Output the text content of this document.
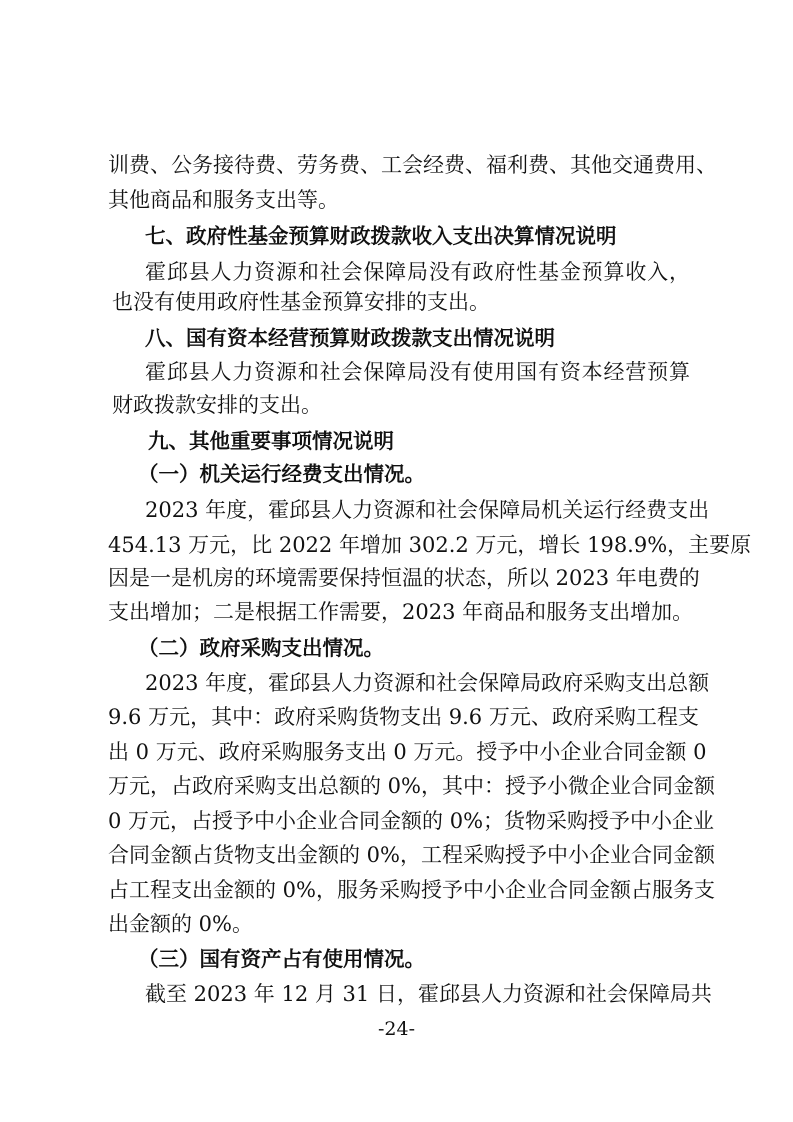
训费、公务接待费、劳务费、工会经费、福利费、其他交通费用、
其他商品和服务支出等。
七、政府性基金预算财政拨款收入支出决算情况说明
霍邱县人力资源和社会保障局没有政府性基金预算收入，
也没有使用政府性基金预算安排的支出。
八、国有资本经营预算财政拨款支出情况说明
霍邱县人力资源和社会保障局没有使用国有资本经营预算
财政拨款安排的支出。
九、其他重要事项情况说明
（一）机关运行经费支出情况。
2023 年度，霍邱县人力资源和社会保障局机关运行经费支出
454.13 万元，比 2022 年增加 302.2 万元，增长 198.9%，主要原
因是一是机房的环境需要保持恒温的状态，所以 2023 年电费的
支出增加；二是根据工作需要，2023 年商品和服务支出增加。
（二）政府采购支出情况。
2023 年度，霍邱县人力资源和社会保障局政府采购支出总额
9.6 万元，其中：政府采购货物支出 9.6 万元、政府采购工程支
出 0 万元、政府采购服务支出 0 万元。授予中小企业合同金额 0
万元，占政府采购支出总额的 0%，其中：授予小微企业合同金额
0 万元，占授予中小企业合同金额的 0%；货物采购授予中小企业
合同金额占货物支出金额的 0%，工程采购授予中小企业合同金额
占工程支出金额的 0%，服务采购授予中小企业合同金额占服务支
出金额的 0%。
（三）国有资产占有使用情况。
截至 2023 年 12 月 31 日，霍邱县人力资源和社会保障局共
-24-
